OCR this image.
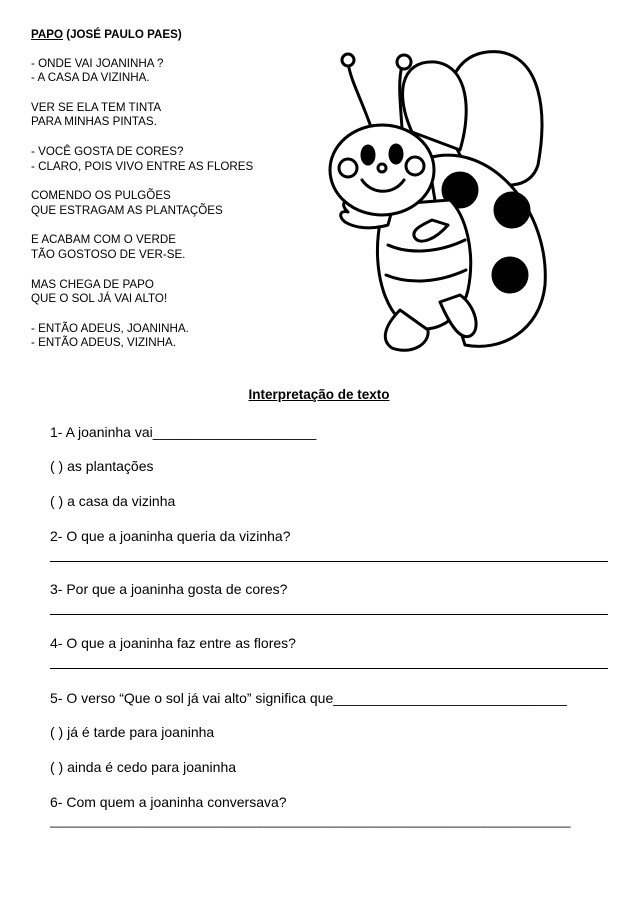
PAPO (JOSÉ PAULO PAES)
- ONDE VAI JOANINHA ?
- A CASA DA VIZINHA.
VER SE ELA TEM TINTA
PARA MINHAS PINTAS.
- VOCÊ GOSTA DE CORES?
- CLARO, POIS VIVO ENTRE AS FLORES
COMENDO OS PULGÕES
QUE ESTRAGAM AS PLANTAÇÕES
E ACABAM COM O VERDE
TÃO GOSTOSO DE VER-SE.
MAS CHEGA DE PAPO
QUE O SOL JÁ VAI ALTO!
- ENTÃO ADEUS, JOANINHA.
- ENTÃO ADEUS, VIZINHA.
Interpretação de texto
1- A joaninha vai_____________________
( ) as plantações
( ) a casa da vizinha
2- O que a joaninha queria da vizinha?
3- Por que a joaninha gosta de cores?
4- O que a joaninha faz entre as flores?
5- O verso “Que o sol já vai alto” significa que______________________________
( ) já é tarde para joaninha
( ) ainda é cedo para joaninha
6- Com quem a joaninha conversava?
________________________________________________________________________
